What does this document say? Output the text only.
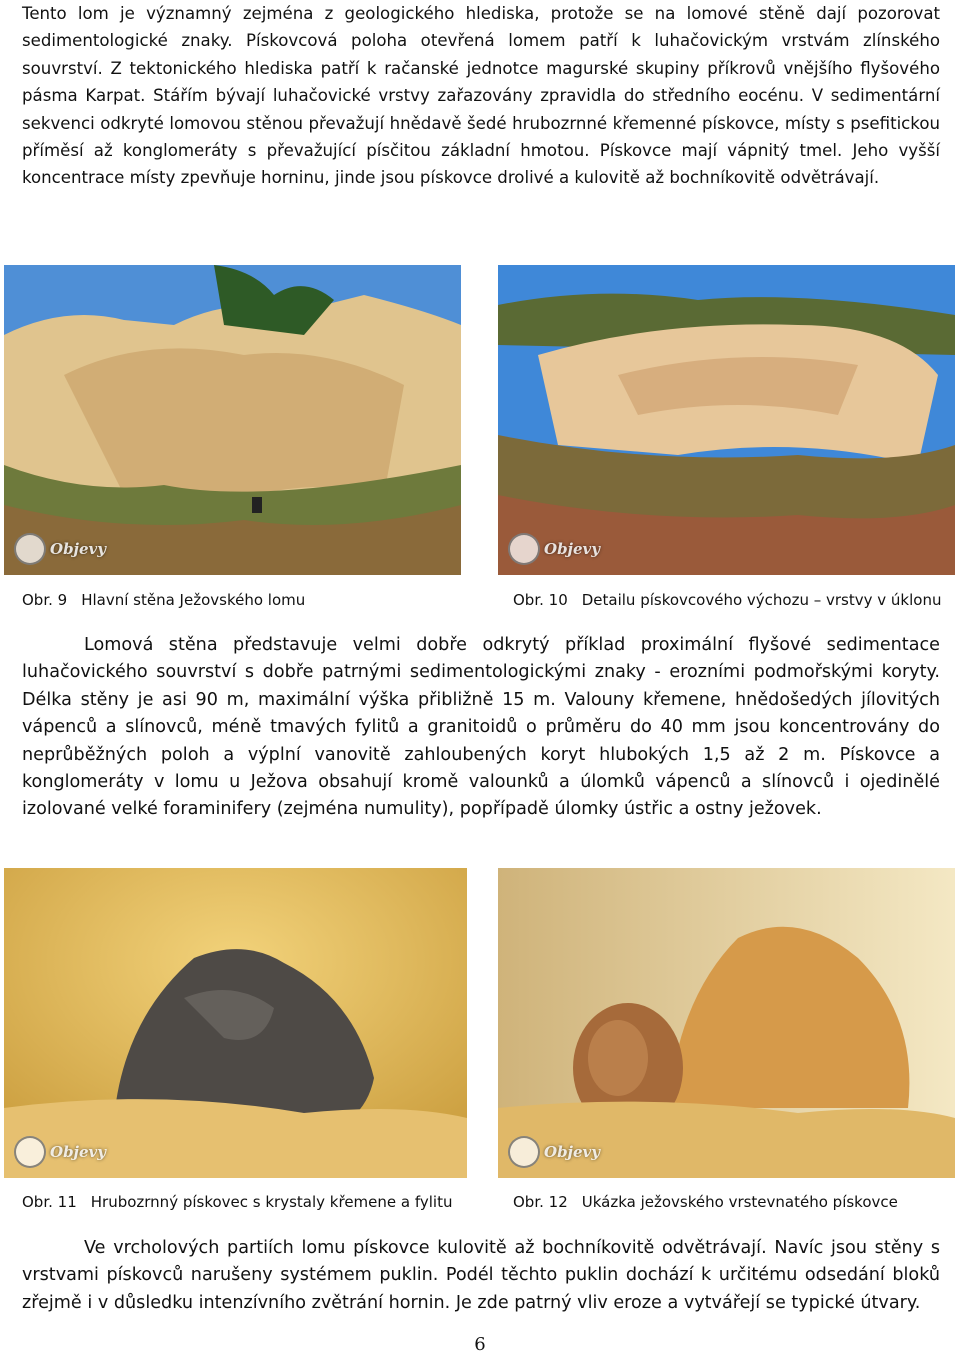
Tento lom je významný zejména z geologického hlediska, protože se na lomové stěně dají pozorovat sedimentologické znaky. Pískovcová poloha otevřená lomem patří k luhačovickým vrstvám zlínského souvrství. Z tektonického hlediska patří k račanské jednotce magurské skupiny příkrovů vnějšího flyšového pásma Karpat. Stářím bývají luhačovické vrstvy zařazovány zpravidla do středního eocénu. V sedimentární sekvenci odkryté lomovou stěnou převažují hnědavě šedé hrubozrnné křemenné pískovce, místy s psefitickou příměsí až konglomeráty s převažující písčitou základní hmotou. Pískovce mají vápnitý tmel. Jeho vyšší koncentrace místy zpevňuje horninu, jinde jsou pískovce drolivé a kulovitě až bochníkovitě odvětrávají.

Objevy	Objevy
Obr. 9 Hlavní stěna Ježovského lomu	Obr. 10 Detailu pískovcového výchozu – vrstvy v úklonu

Lomová stěna představuje velmi dobře odkrytý příklad proximální flyšové sedimentace luhačovického souvrství s dobře patrnými sedimentologickými znaky - erozními podmořskými koryty. Délka stěny je asi 90 m, maximální výška přibližně 15 m. Valouny křemene, hnědošedých jílovitých vápenců a slínovců, méně tmavých fylitů a granitoidů o průměru do 40 mm jsou koncentrovány do neprůběžných poloh a výplní vanovitě zahloubených koryt hlubokých 1,5 až 2 m. Pískovce a konglomeráty v lomu u Ježova obsahují kromě valounků a úlomků vápenců a slínovců i ojedinělé izolované velké foraminifery (zejména numulity), popřípadě úlomky ústřic a ostny ježovek.

Objevy	Objevy
Obr. 11 Hrubozrnný pískovec s krystaly křemene a fylitu	Obr. 12 Ukázka ježovského vrstevnatého pískovce

Ve vrcholových partiích lomu pískovce kulovitě až bochníkovitě odvětrávají. Navíc jsou stěny s vrstvami pískovců narušeny systémem puklin. Podél těchto puklin dochází k určitému odsedání bloků zřejmě i v důsledku intenzívního zvětrání hornin. Je zde patrný vliv eroze a vytvářejí se typické útvary.

6
